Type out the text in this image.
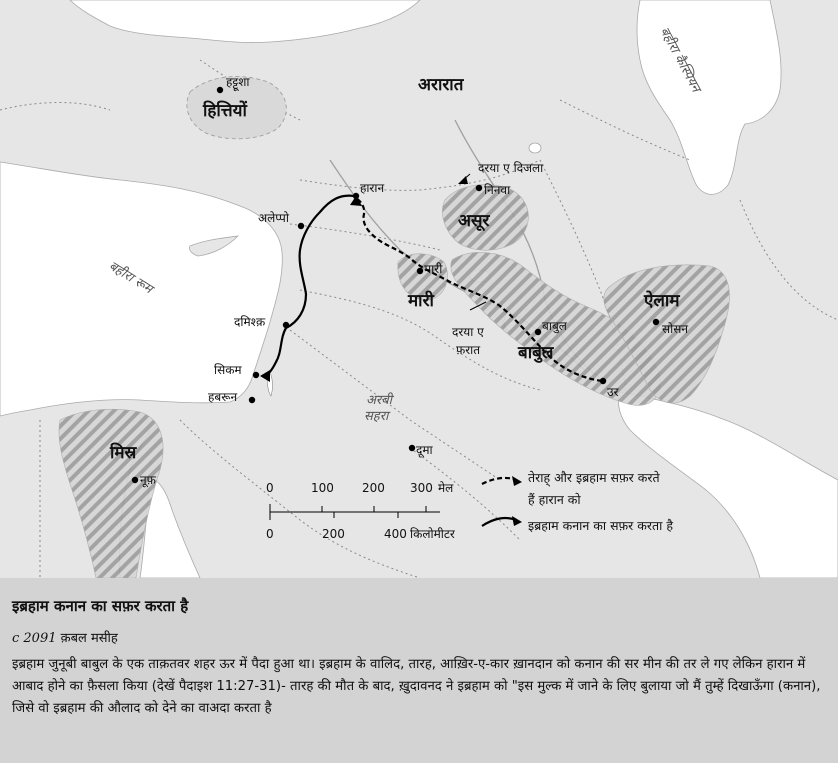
हित्तियों
अरारात
असूर
मारी
बाबुल
ऐलाम
मिस्र
अरबी
सहरा
बहीरा कैस्पियन
बहीरा रूम
दरया ए दिजला
दरया ए
फ़रात
हट्टूशा
हारान	निनवा
अलेप्पो
मारी
बाबुल	सोसन
दमिश्क़
सिकम
हबरून	उर
दूमा
नूफ़
0	100 200 300 मेल
0	200	400 किलोमीटर
तेराह् और इब्रहाम सफ़र करते
हैं हारान को
इब्रहाम कनान का सफ़र करता है

इब्रहाम कनान का सफ़र करता है

c 2091 क़बल मसीह

इब्रहाम जुनूबी बाबुल के एक ताक़तवर शहर ऊर में पैदा हुआ था। इब्रहाम के वालिद, तारह, आख़िर-ए-कार ख़ानदान को कनान की सर मीन की तर ले गए लेकिन हारान में आबाद होने का फ़ैसला किया (देखें पैदाइश 11:27-31)- तारह की मौत के बाद, ख़ुदावनद ने इब्रहाम को "इस मुल्क में जाने के लिए बुलाया जो मैं तुम्हें दिखाऊँगा (कनान), जिसे वो इब्रहाम की औलाद को देने का वाअदा करता है
